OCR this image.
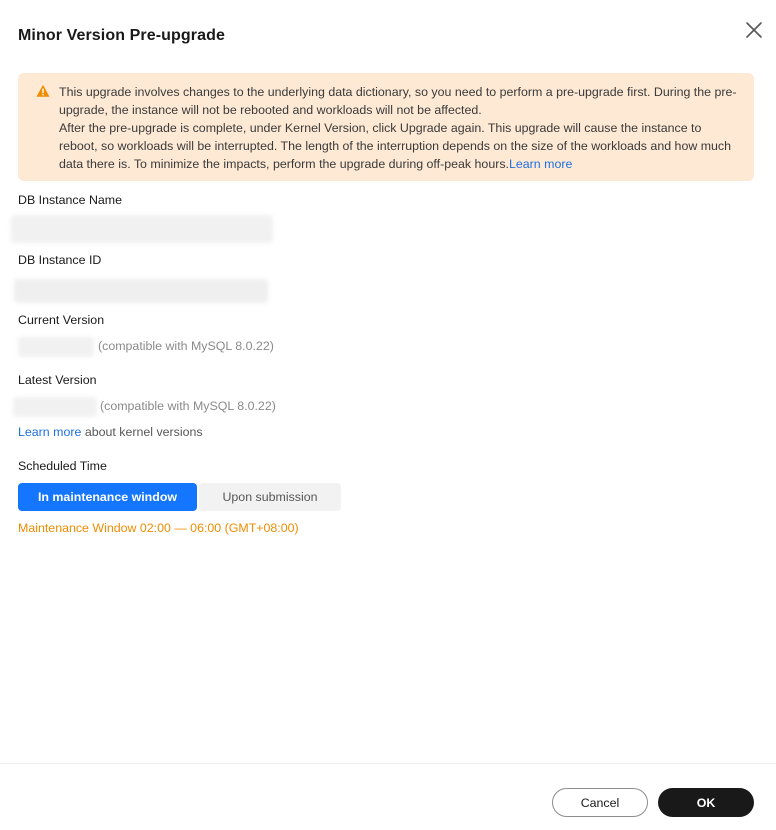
Minor Version Pre-upgrade

This upgrade involves changes to the underlying data dictionary, so you need to perform a pre-upgrade first. During the pre-upgrade, the instance will not be rebooted and workloads will not be affected.

After the pre-upgrade is complete, under Kernel Version, click Upgrade again. This upgrade will cause the instance to reboot, so workloads will be interrupted. The length of the interruption depends on the size of the workloads and how much data there is. To minimize the impacts, perform the upgrade during off-peak hours.Learn more

DB Instance Name
DB Instance ID
Current Version
(compatible with MySQL 8.0.22)
Latest Version
(compatible with MySQL 8.0.22)
Learn more about kernel versions
Scheduled Time
In maintenance window	Upon submission
Maintenance Window 02:00 — 06:00 (GMT+08:00)
Cancel	OK
